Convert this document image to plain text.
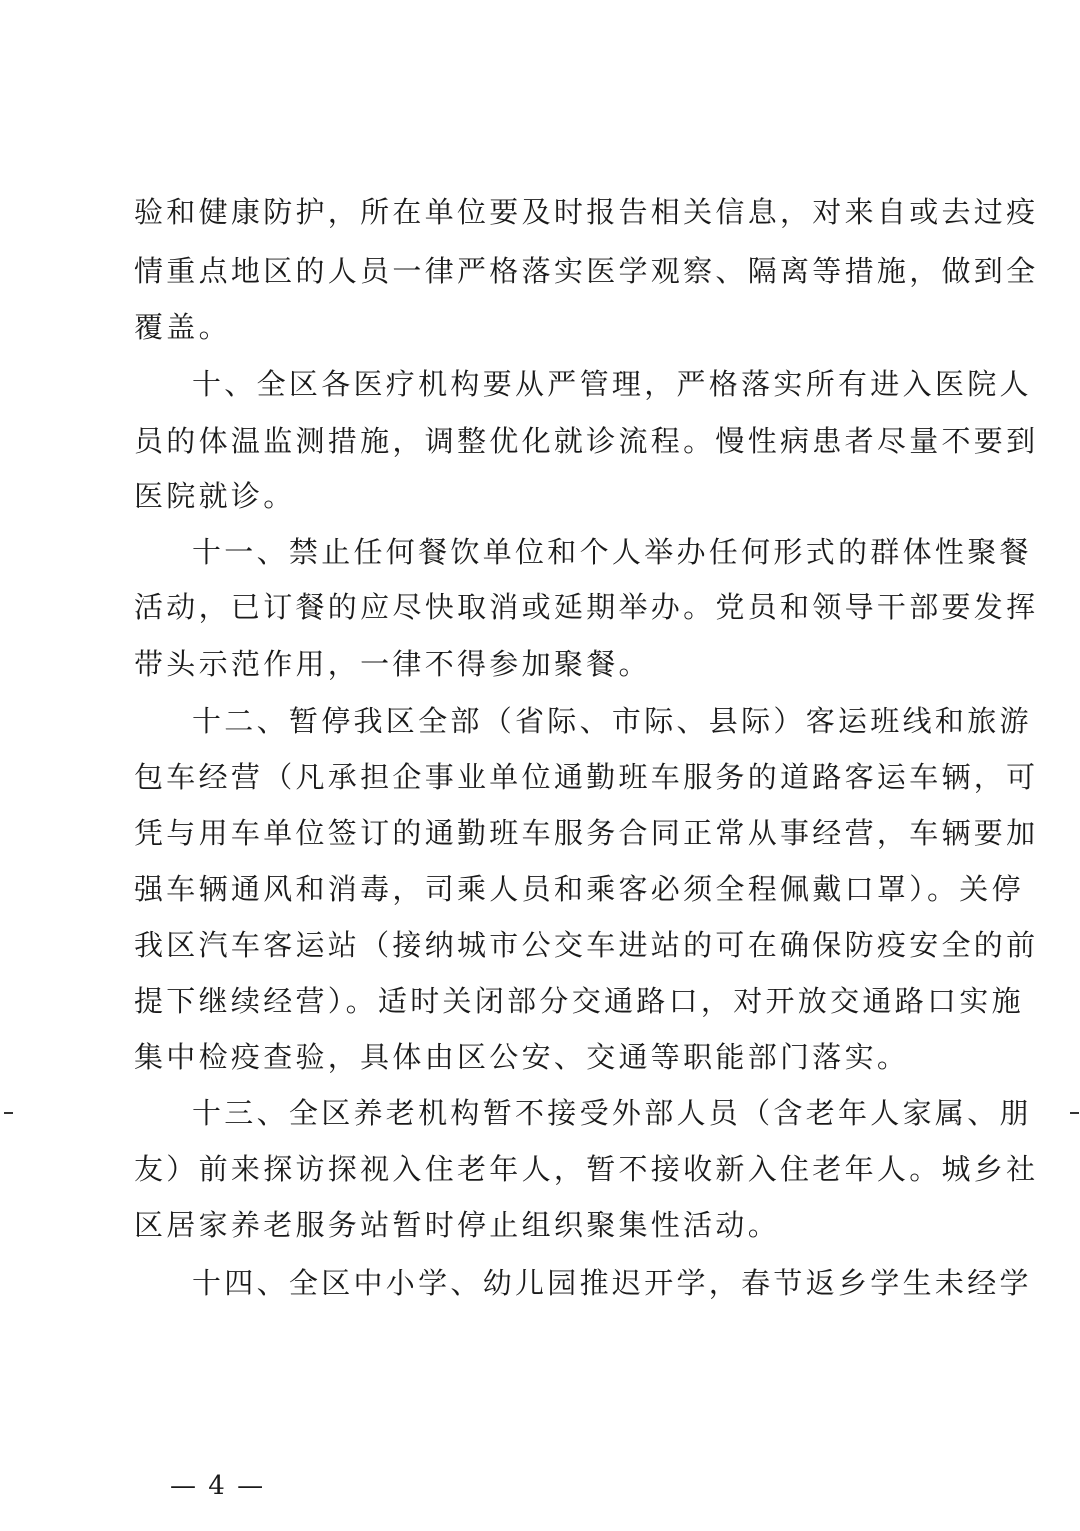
验和健康防护，所在单位要及时报告相关信息，对来自或去过疫
情重点地区的人员一律严格落实医学观察、隔离等措施，做到全
覆盖。
十、全区各医疗机构要从严管理，严格落实所有进入医院人
员的体温监测措施，调整优化就诊流程。慢性病患者尽量不要到
医院就诊。
十一、禁止任何餐饮单位和个人举办任何形式的群体性聚餐
活动，已订餐的应尽快取消或延期举办。党员和领导干部要发挥
带头示范作用，一律不得参加聚餐。
十二、暂停我区全部（省际、市际、县际）客运班线和旅游
包车经营（凡承担企事业单位通勤班车服务的道路客运车辆，可
凭与用车单位签订的通勤班车服务合同正常从事经营，车辆要加
强车辆通风和消毒，司乘人员和乘客必须全程佩戴口罩）。关停
我区汽车客运站（接纳城市公交车进站的可在确保防疫安全的前
提下继续经营）。适时关闭部分交通路口，对开放交通路口实施
集中检疫查验，具体由区公安、交通等职能部门落实。
十三、全区养老机构暂不接受外部人员（含老年人家属、朋
友）前来探访探视入住老年人，暂不接收新入住老年人。城乡社
区居家养老服务站暂时停止组织聚集性活动。
十四、全区中小学、幼儿园推迟开学，春节返乡学生未经学
— 4 —
